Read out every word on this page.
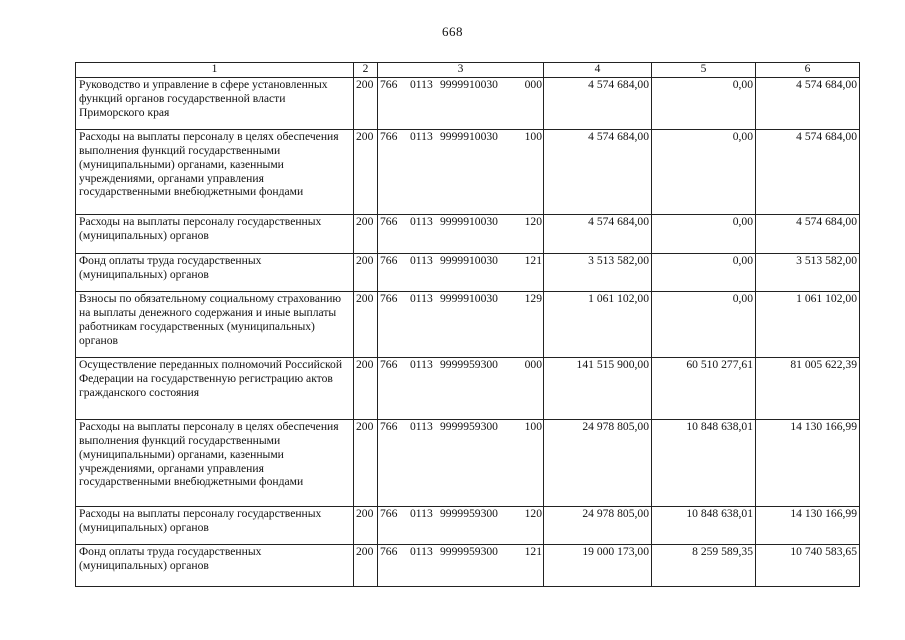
668
1	2	3	4	5	6
Руководство и управление в сфере установленных функций органов государственной власти Приморского края	200	766 0113 9999910030 000	4 574 684,00	0,00	4 574 684,00
Расходы на выплаты персоналу в целях обеспечения выполнения функций государственными (муниципальными) органами, казенными учреждениями, органами управления государственными внебюджетными фондами	200	766 0113 9999910030 100	4 574 684,00	0,00	4 574 684,00
Расходы на выплаты персоналу государственных (муниципальных) органов	200	766 0113 9999910030 120	4 574 684,00	0,00	4 574 684,00
Фонд оплаты труда государственных (муниципальных) органов	200	766 0113 9999910030 121	3 513 582,00	0,00	3 513 582,00
Взносы по обязательному социальному страхованию на выплаты денежного содержания и иные выплаты работникам государственных (муниципальных) органов	200	766 0113 9999910030 129	1 061 102,00	0,00	1 061 102,00
Осуществление переданных полномочий Российской Федерации на государственную регистрацию актов гражданского состояния	200	766 0113 9999959300 000	141 515 900,00	60 510 277,61	81 005 622,39
Расходы на выплаты персоналу в целях обеспечения выполнения функций государственными (муниципальными) органами, казенными учреждениями, органами управления государственными внебюджетными фондами	200	766 0113 9999959300 100	24 978 805,00	10 848 638,01	14 130 166,99
Расходы на выплаты персоналу государственных (муниципальных) органов	200	766 0113 9999959300 120	24 978 805,00	10 848 638,01	14 130 166,99
Фонд оплаты труда государственных (муниципальных) органов	200	766 0113 9999959300 121	19 000 173,00	8 259 589,35	10 740 583,65
